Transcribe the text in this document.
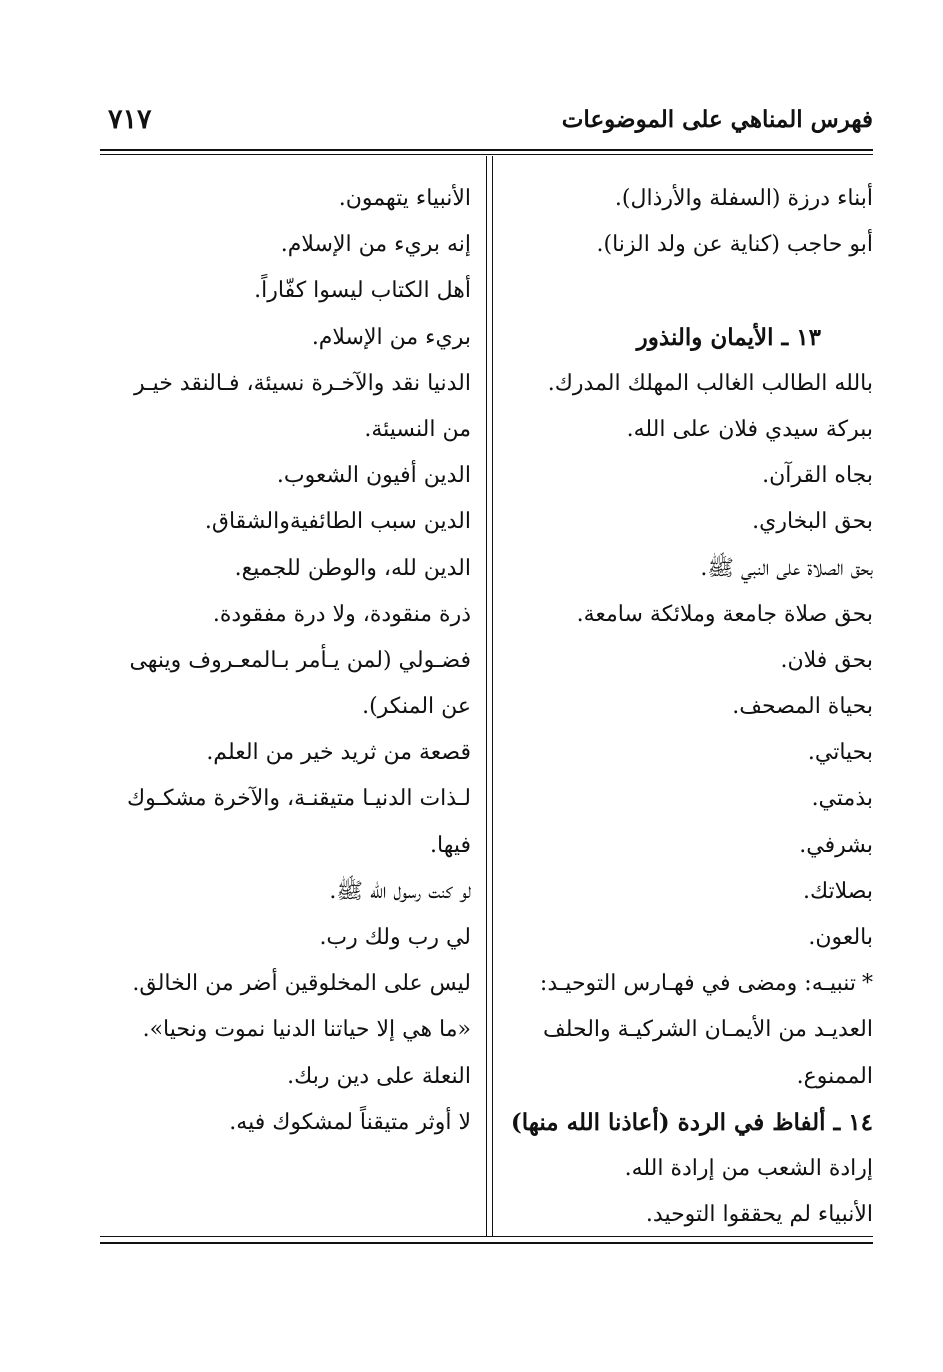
٧١٧	فهرس المناهي على الموضوعات
أبناء درزة (السفلة والأرذال).
أبو حاجب (كناية عن ولد الزنا).
١٣ ـ الأيمان والنذور
بالله الطالب الغالب المهلك المدرك.
ببركة سيدي فلان على الله.
بجاه القرآن.
بحق البخاري.
بحق الصلاة على النبي ﷺ.
بحق صلاة جامعة وملائكة سامعة.
بحق فلان.
بحياة المصحف.
بحياتي.
بذمتي.
بشرفي.
بصلاتك.
بالعون.
*تنبيـه: ومضى في فهـارس التوحيـد:
العديـد من الأيمـان الشركيـة والحلف
الممنوع.
١٤ ـ ألفاظ في الردة (أعاذنا الله منها)
إرادة الشعب من إرادة الله.
الأنبياء لم يحققوا التوحيد.
الأنبياء يتهمون.
إنه بريء من الإسلام.
أهل الكتاب ليسوا كفّاراً.
بريء من الإسلام.
الدنيا نقد والآخـرة نسيئة، فـالنقد خيـر
من النسيئة.
الدين أفيون الشعوب.
الدين سبب الطائفيةوالشقاق.
الدين لله، والوطن للجميع.
ذرة منقودة، ولا درة مفقودة.
فضـولي (لمن يـأمر بـالمعـروف وينهى
عن المنكر).
قصعة من ثريد خير من العلم.
لـذات الدنيـا متيقنـة، والآخرة مشكـوك
فيها.
لو كنت رسول الله ﷺ.
لي رب ولك رب.
ليس على المخلوقين أضر من الخالق.
«ما هي إلا حياتنا الدنيا نموت ونحيا».
النعلة على دين ربك.
لا أوثر متيقناً لمشكوك فيه.
